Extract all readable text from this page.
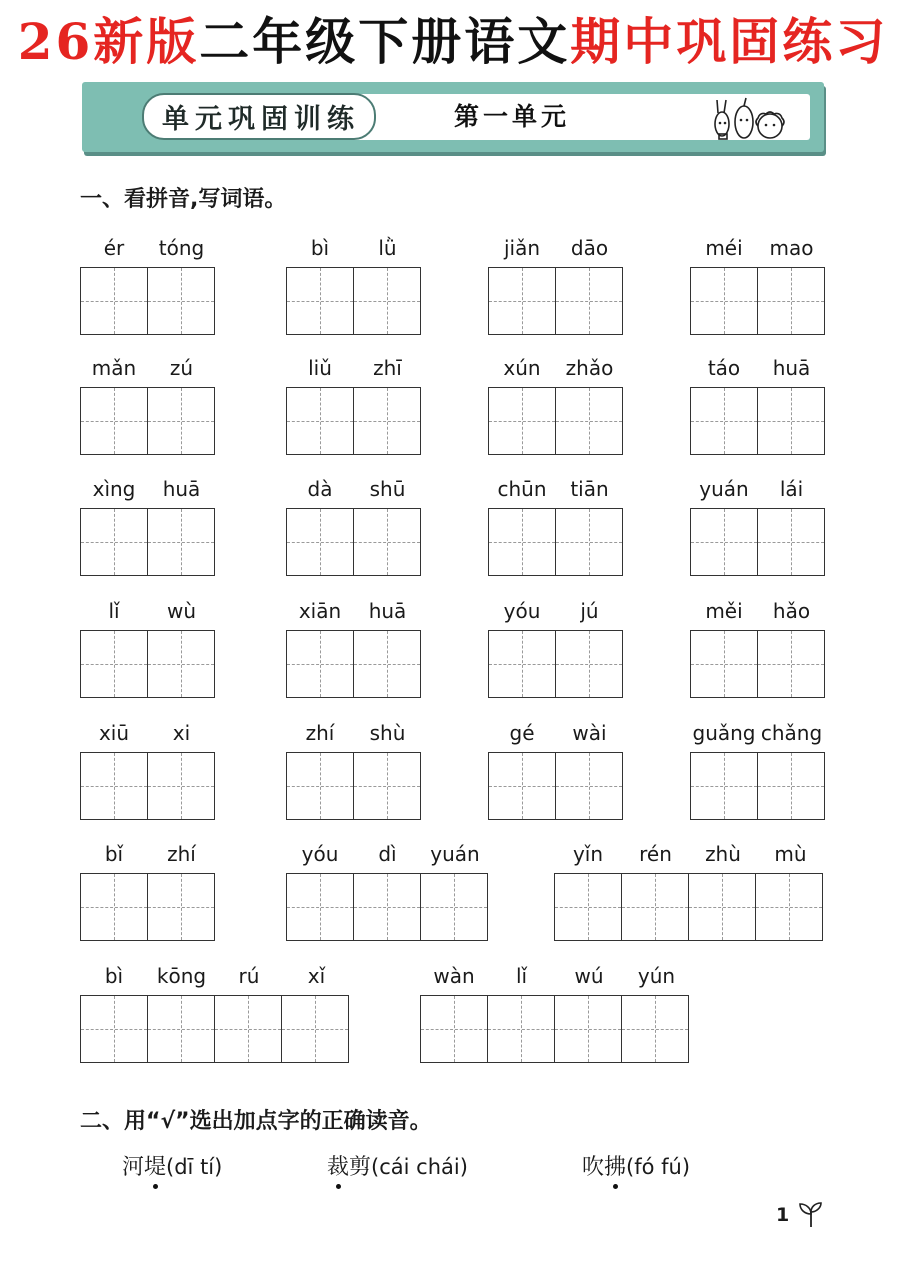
26新版二年级下册语文期中巩固练习
第一单元
单元巩固训练
一、看拼音,写词语。
ér	tóng	bì	lǜ	jiǎn	dāo	méi	mao
mǎn	zú	liǔ	zhī	xún	zhǎo	táo	huā
xìng	huā	dà	shū	chūn	tiān	yuán	lái
lǐ	wù	xiān	huā	yóu	jú	měi	hǎo
xiū	xi	zhí	shù	gé	wài	guǎng chǎng
bǐ	zhí	yóu	dì	yuán	yǐn	rén	zhù	mù
bì	kōng	rú	xǐ	wàn	lǐ	wú	yún
二、用“√”选出加点字的正确读音。
河堤(dī tí)	裁剪(cái chái)	吹拂(fó fú)
1
